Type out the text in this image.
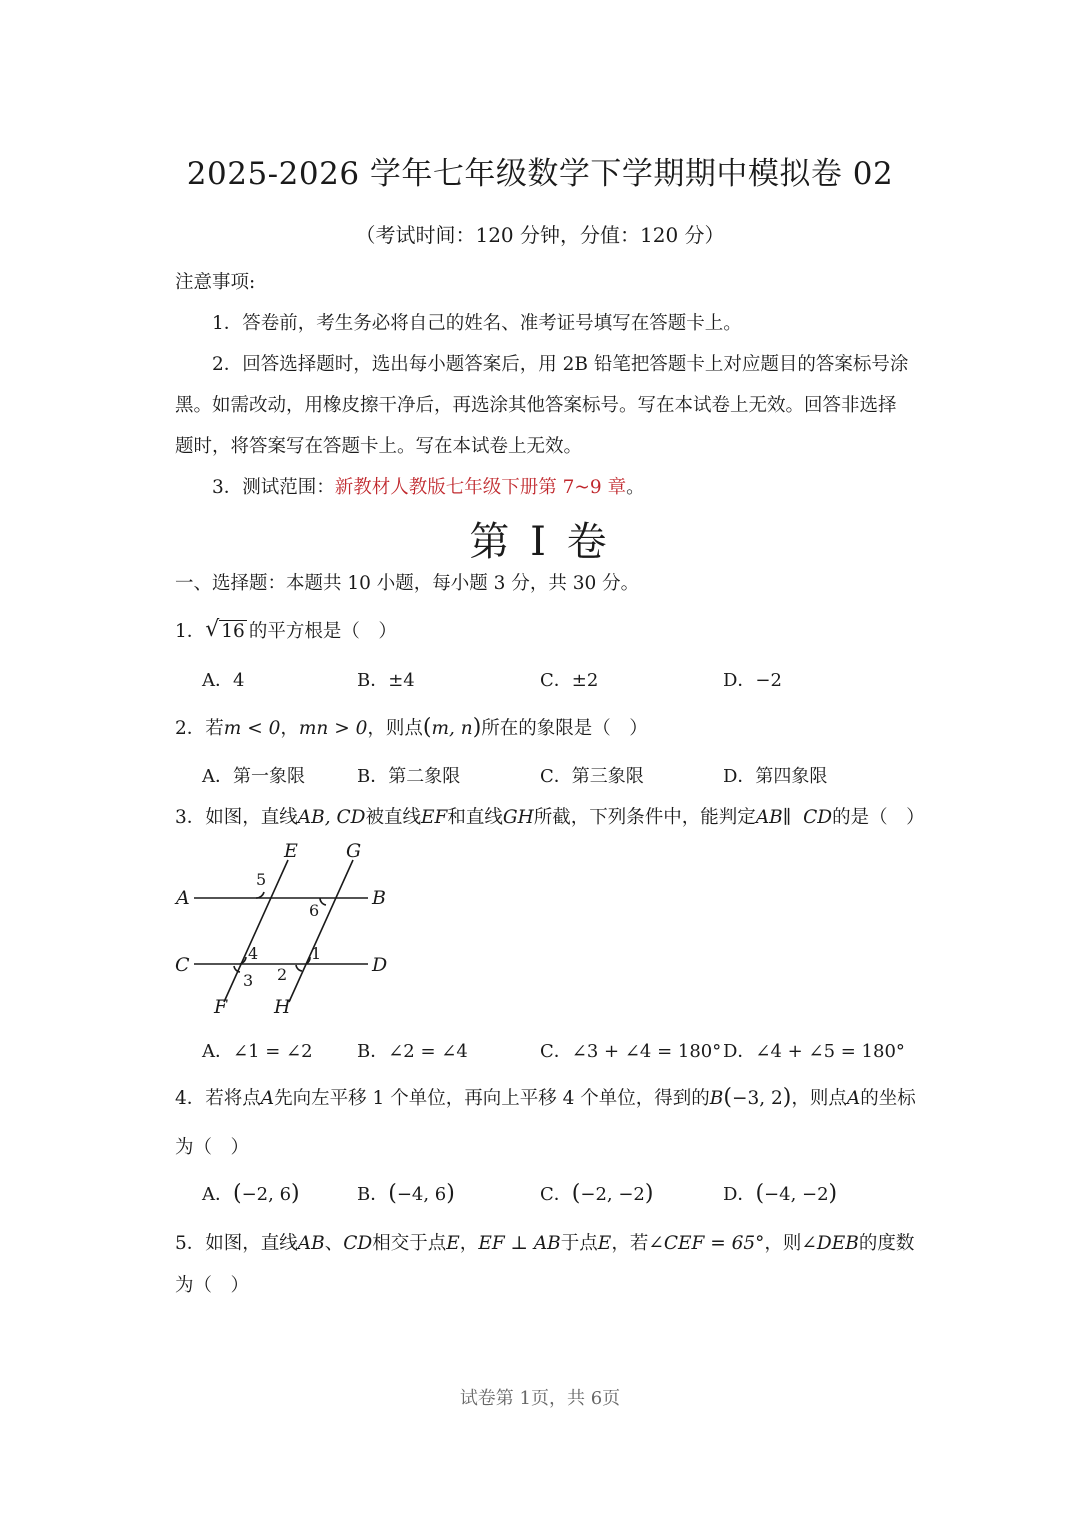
2025-2026 学年七年级数学下学期期中模拟卷 02
（考试时间：120 分钟，分值：120 分）
注意事项:
1．答卷前，考生务必将自己的姓名、准考证号填写在答题卡上。
2．回答选择题时，选出每小题答案后，用 2B 铅笔把答题卡上对应题目的答案标号涂
黑。如需改动，用橡皮擦干净后，再选涂其他答案标号。写在本试卷上无效。回答非选择
题时，将答案写在答题卡上。写在本试卷上无效。
3．测试范围：新教材人教版七年级下册第 7~9 章。
第 I 卷
一、选择题：本题共 10 小题，每小题 3 分，共 30 分。
1． √ 16 的平方根是（　）
A．4	B．±4	C．±2	D．−2
2．若m < 0，mn > 0，则点(m, n)所在的象限是（　）
A．第一象限	B．第二象限	C．第三象限	D．第四象限
3．如图，直线AB, CD被直线EF和直线GH所截，下列条件中，能判定AB∥ CD的是（　）
E	G
A	B
C	D
F H
5
6
4
3 2
1
A．∠1 = ∠2 B．∠2 = ∠4	C．∠3 + ∠4 = 180° D．∠4 + ∠5 = 180°
4．若将点A先向左平移 1 个单位，再向上平移 4 个单位，得到的B(−3, 2)，则点A的坐标
为（　）
A．(−2, 6)	B．(−4, 6)	C．(−2, −2)	D．(−4, −2)
5．如图，直线AB、CD相交于点E，EF ⊥ AB于点E，若∠CEF = 65°，则∠DEB的度数
为（　）
试卷第 1页，共 6页
